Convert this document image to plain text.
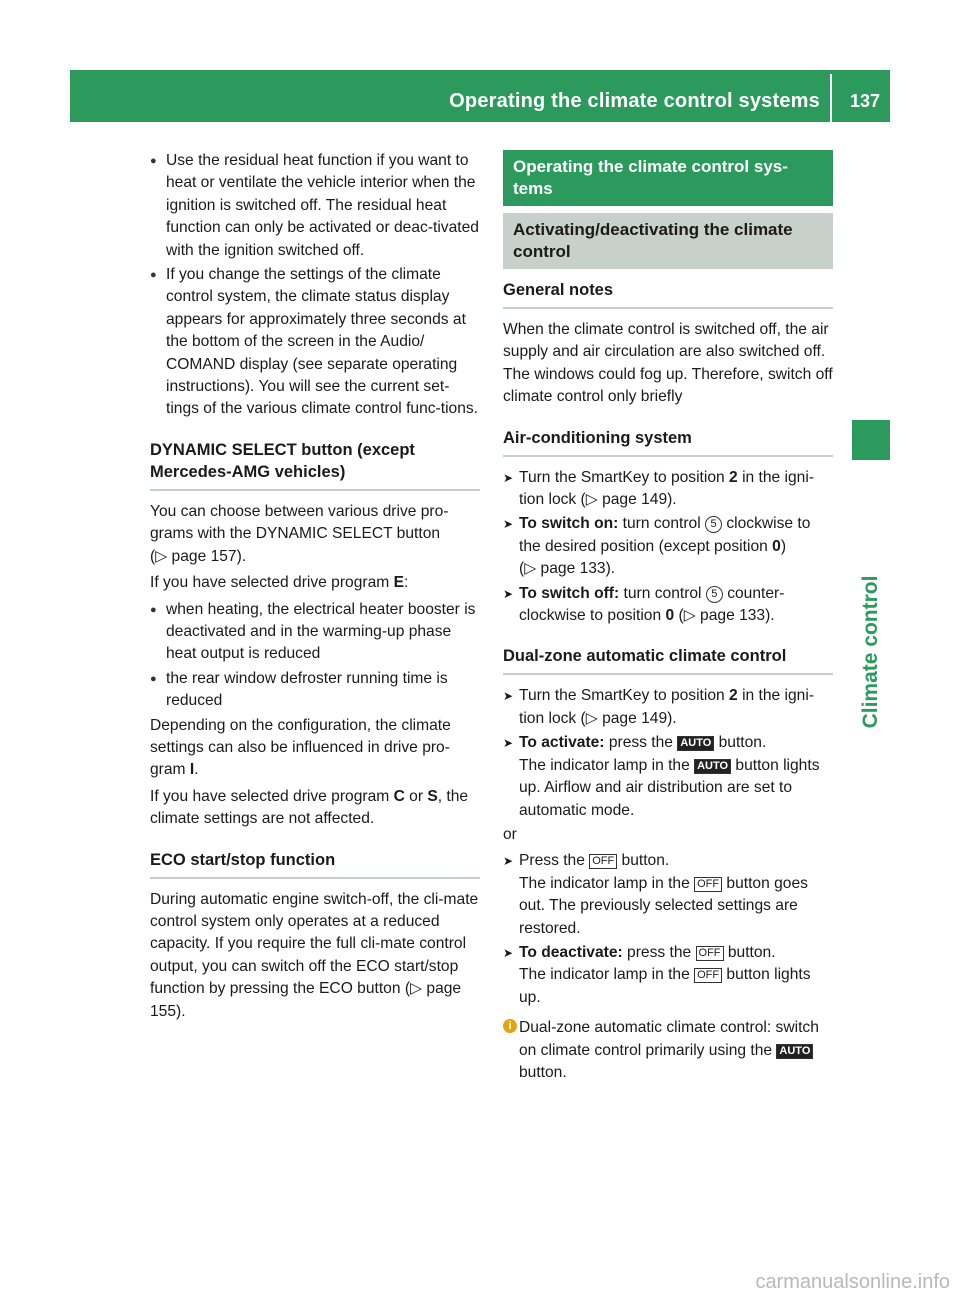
Operating the climate control systems 137
Climate control
● Use the residual heat function if you want to heat or ventilate the vehicle interior when the ignition is switched off. The residual heat function can only be activated or deac-tivated with the ignition switched off.
● If you change the settings of the climate control system, the climate status display appears for approximately three seconds at the bottom of the screen in the Audio/ COMAND display (see separate operating instructions). You will see the current set-tings of the various climate control func-tions.
DYNAMIC SELECT button (except Mercedes-AMG vehicles)

You can choose between various drive pro-grams with the DYNAMIC SELECT button
(▷ page 157).

If you have selected drive program E:

● when heating, the electrical heater booster is deactivated and in the warming-up phase heat output is reduced
● the rear window defroster running time is reduced

Depending on the configuration, the climate settings can also be influenced in drive pro-gram I.

If you have selected drive program C or S, the climate settings are not affected.

ECO start/stop function

During automatic engine switch-off, the cli-mate control system only operates at a reduced capacity. If you require the full cli-mate control output, you can switch off the ECO start/stop function by pressing the ECO button (▷ page 155).

Operating the climate control sys-tems
Activating/deactivating the climate control
General notes

When the climate control is switched off, the air supply and air circulation are also switched off. The windows could fog up. Therefore, switch off climate control only briefly

Air-conditioning system
➤ Turn the SmartKey to position 2 in the igni-tion lock (▷ page 149).
➤ To switch on: turn control 5 clockwise to the desired position (except position 0)
(▷ page 133).
➤ To switch off: turn control 5 counter-clockwise to position 0 (▷ page 133).
Dual-zone automatic climate control
➤ Turn the SmartKey to position 2 in the igni-tion lock (▷ page 149).
➤ To activate: press the AUTO button.
The indicator lamp in the AUTO button lights up. Airflow and air distribution are set to automatic mode.

or

➤ Press the OFF button.
The indicator lamp in the OFF button goes out. The previously selected settings are restored.
➤ To deactivate: press the OFF button.
The indicator lamp in the OFF button lights up.
i Dual-zone automatic climate control: switch on climate control primarily using the AUTO button.
carmanualsonline.info
